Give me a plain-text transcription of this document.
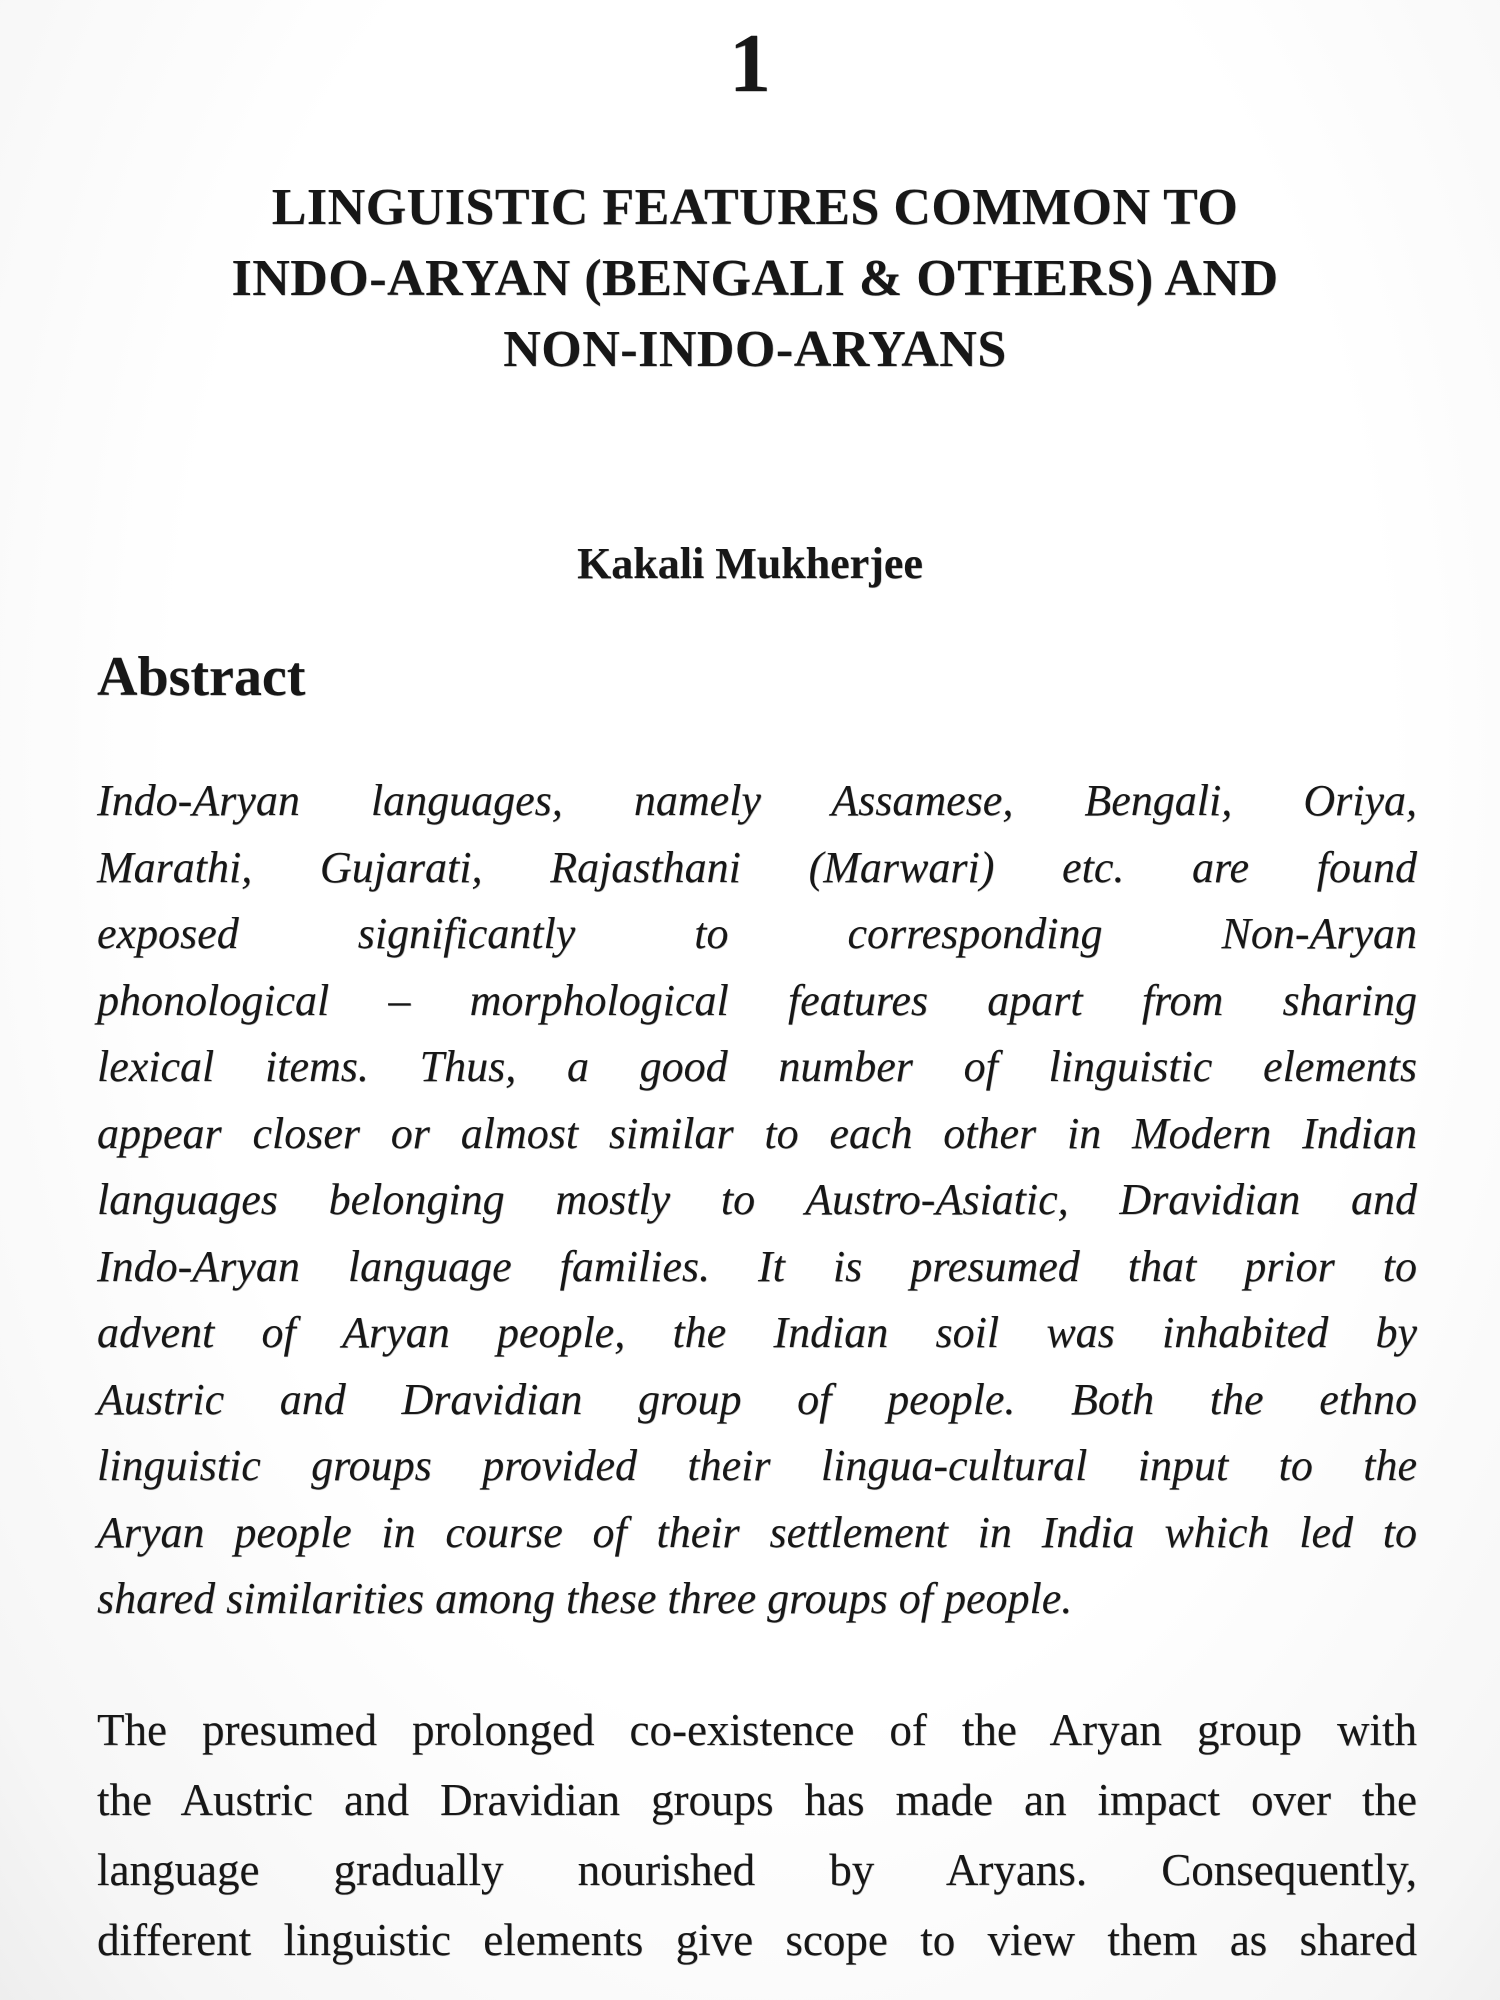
1
LINGUISTIC FEATURES COMMON TO
INDO-ARYAN (BENGALI & OTHERS) AND
NON-INDO-ARYANS
Kakali Mukherjee
Abstract
Indo-Aryan languages, namely Assamese, Bengali, Oriya,
Marathi, Gujarati, Rajasthani (Marwari) etc. are found
exposed significantly to corresponding Non-Aryan
phonological – morphological features apart from sharing
lexical items. Thus, a good number of linguistic elements
appear closer or almost similar to each other in Modern Indian
languages belonging mostly to Austro-Asiatic, Dravidian and
Indo-Aryan language families. It is presumed that prior to
advent of Aryan people, the Indian soil was inhabited by
Austric and Dravidian group of people. Both the ethno
linguistic groups provided their lingua-cultural input to the
Aryan people in course of their settlement in India which led to
shared similarities among these three groups of people.
The presumed prolonged co-existence of the Aryan group with
the Austric and Dravidian groups has made an impact over the
language gradually nourished by Aryans. Consequently,
different linguistic elements give scope to view them as shared
